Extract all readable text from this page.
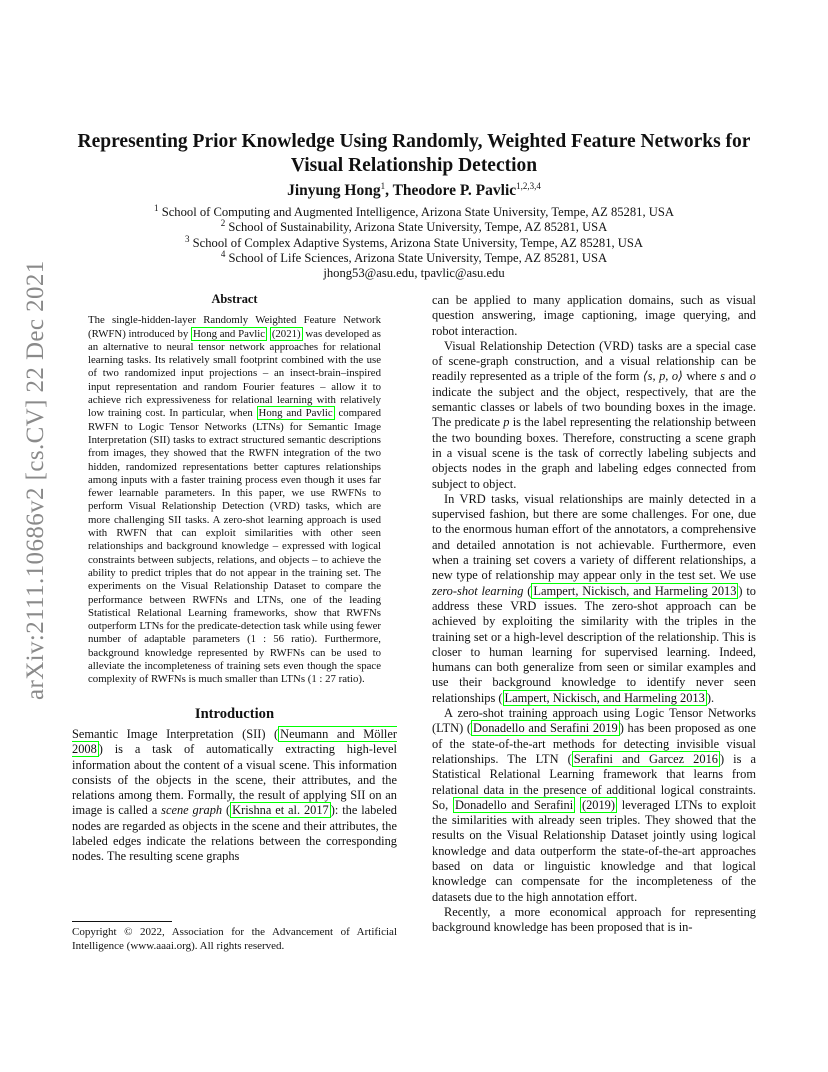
arXiv:2111.10686v2 [cs.CV] 22 Dec 2021
Representing Prior Knowledge Using Randomly, Weighted Feature Networks for Visual Relationship Detection
Jinyung Hong$^1$, Theodore P. Pavlic$^{1,2,3,4}$
$^1$ School of Computing and Augmented Intelligence, Arizona State University, Tempe, AZ 85281, USA
$^2$ School of Sustainability, Arizona State University, Tempe, AZ 85281, USA
$^3$ School of Complex Adaptive Systems, Arizona State University, Tempe, AZ 85281, USA
$^4$ School of Life Sciences, Arizona State University, Tempe, AZ 85281, USA
jhong53@asu.edu, tpavlic@asu.edu
Abstract

The single-hidden-layer Randomly Weighted Feature Network (RWFN) introduced by Hong and Pavlic (2021) was developed as an alternative to neural tensor network approaches for relational learning tasks. Its relatively small footprint combined with the use of two randomized input projections – an insect-brain–inspired input representation and random Fourier features – allow it to achieve rich expressiveness for relational learning with relatively low training cost. In particular, when Hong and Pavlic compared RWFN to Logic Tensor Networks (LTNs) for Semantic Image Interpretation (SII) tasks to extract structured semantic descriptions from images, they showed that the RWFN integration of the two hidden, randomized representations better captures relationships among inputs with a faster training process even though it uses far fewer learnable parameters. In this paper, we use RWFNs to perform Visual Relationship Detection (VRD) tasks, which are more challenging SII tasks. A zero-shot learning approach is used with RWFN that can exploit similarities with other seen relationships and background knowledge – expressed with logical constraints between subjects, relations, and objects – to achieve the ability to predict triples that do not appear in the training set. The experiments on the Visual Relationship Dataset to compare the performance between RWFNs and LTNs, one of the leading Statistical Relational Learning frameworks, show that RWFNs outperform LTNs for the predicate-detection task while using fewer number of adaptable parameters (1 : 56 ratio). Furthermore, background knowledge represented by RWFNs can be used to alleviate the incompleteness of training sets even though the space complexity of RWFNs is much smaller than LTNs (1 : 27 ratio).

Introduction

Semantic Image Interpretation (SII) ( Neumann and Möller 2008 ) is a task of automatically extracting high-level information about the content of a visual scene. This information consists of the objects in the scene, their attributes, and the relations among them. Formally, the result of applying SII on an image is called a scene graph ( Krishna et al. 2017 ): the labeled nodes are regarded as objects in the scene and their attributes, the labeled edges indicate the relations between the corresponding nodes. The resulting scene graphs

Copyright © 2022, Association for the Advancement of Artificial Intelligence (www.aaai.org). All rights reserved.

can be applied to many application domains, such as visual question answering, image captioning, image querying, and robot interaction.

Visual Relationship Detection (VRD) tasks are a special case of scene-graph construction, and a visual relationship can be readily represented as a triple of the form ⟨s, p, o⟩ where s and o indicate the subject and the object, respectively, that are the semantic classes or labels of two bounding boxes in the image. The predicate p is the label representing the relationship between the two bounding boxes. Therefore, constructing a scene graph in a visual scene is the task of correctly labeling subjects and objects nodes in the graph and labeling edges connected from subject to object.

In VRD tasks, visual relationships are mainly detected in a supervised fashion, but there are some challenges. For one, due to the enormous human effort of the annotators, a comprehensive and detailed annotation is not achievable. Furthermore, even when a training set covers a variety of different relationships, a new type of relationship may appear only in the test set. We use zero-shot learning ( Lampert, Nickisch, and Harmeling 2013 ) to address these VRD issues. The zero-shot approach can be achieved by exploiting the similarity with the triples in the training set or a high-level description of the relationship. This is closer to human learning for supervised learning. Indeed, humans can both generalize from seen or similar examples and use their background knowledge to identify never seen relationships ( Lampert, Nickisch, and Harmeling 2013 ).

A zero-shot training approach using Logic Tensor Networks (LTN) ( Donadello and Serafini 2019 ) has been proposed as one of the state-of-the-art methods for detecting invisible visual relationships. The LTN ( Serafini and Garcez 2016 ) is a Statistical Relational Learning framework that learns from relational data in the presence of additional logical constraints. So, Donadello and Serafini (2019) leveraged LTNs to exploit the similarities with already seen triples. They showed that the results on the Visual Relationship Dataset jointly using logical knowledge and data outperform the state-of-the-art approaches based on data or linguistic knowledge and that logical knowledge can compensate for the incompleteness of the datasets due to the high annotation effort.

Recently, a more economical approach for representing background knowledge has been proposed that is in-
